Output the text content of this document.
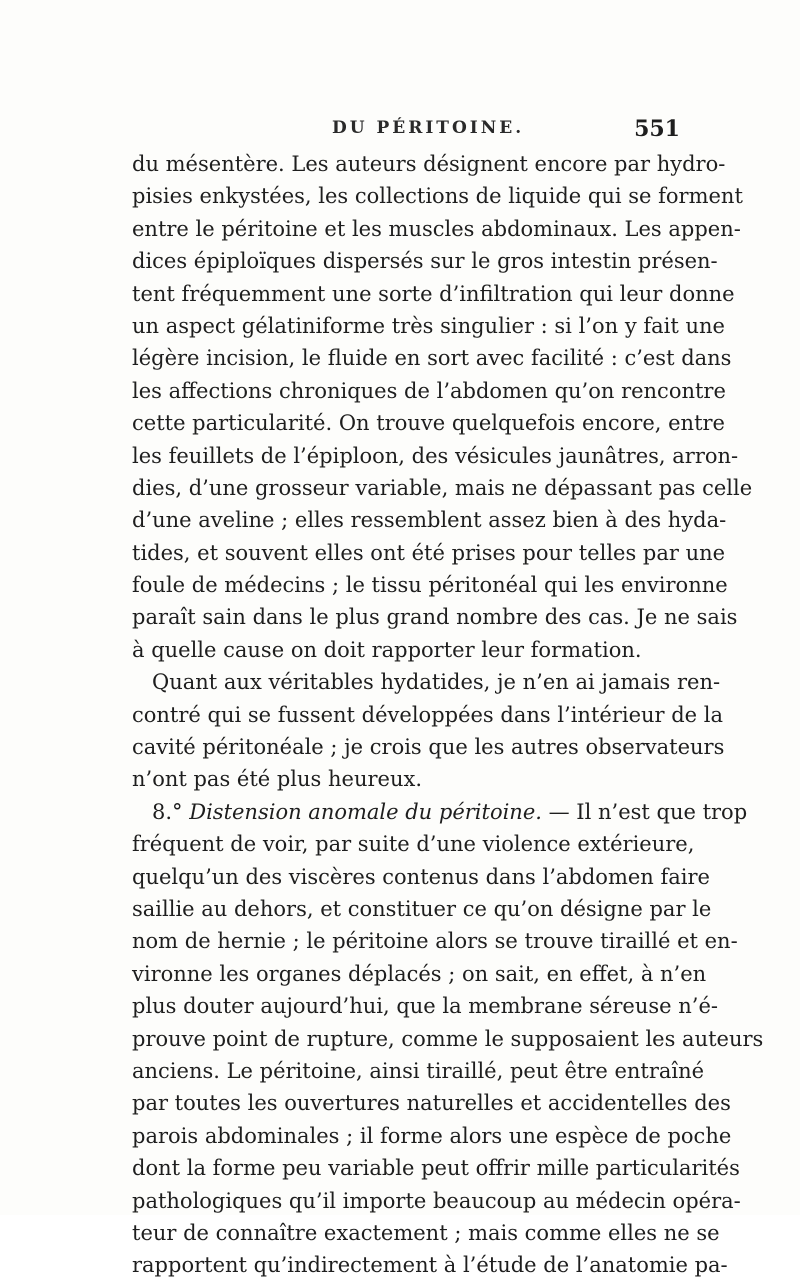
DU PÉRITOINE.	551
du mésentère. Les auteurs désignent encore par hydro-
pisies enkystées, les collections de liquide qui se forment
entre le péritoine et les muscles abdominaux. Les appen-
dices épiploïques dispersés sur le gros intestin présen-
tent fréquemment une sorte d’infiltration qui leur donne
un aspect gélatiniforme très singulier : si l’on y fait une
légère incision, le fluide en sort avec facilité : c’est dans
les affections chroniques de l’abdomen qu’on rencontre
cette particularité. On trouve quelquefois encore, entre
les feuillets de l’épiploon, des vésicules jaunâtres, arron-
dies, d’une grosseur variable, mais ne dépassant pas celle
d’une aveline ; elles ressemblent assez bien à des hyda-
tides, et souvent elles ont été prises pour telles par une
foule de médecins ; le tissu péritonéal qui les environne
paraît sain dans le plus grand nombre des cas. Je ne sais
à quelle cause on doit rapporter leur formation.
Quant aux véritables hydatides, je n’en ai jamais ren-
contré qui se fussent développées dans l’intérieur de la
cavité péritonéale ; je crois que les autres observateurs
n’ont pas été plus heureux.
8.° Distension anomale du péritoine. — Il n’est que trop
fréquent de voir, par suite d’une violence extérieure,
quelqu’un des viscères contenus dans l’abdomen faire
saillie au dehors, et constituer ce qu’on désigne par le
nom de hernie ; le péritoine alors se trouve tiraillé et en-
vironne les organes déplacés ; on sait, en effet, à n’en
plus douter aujourd’hui, que la membrane séreuse n’é-
prouve point de rupture, comme le supposaient les auteurs
anciens. Le péritoine, ainsi tiraillé, peut être entraîné
par toutes les ouvertures naturelles et accidentelles des
parois abdominales ; il forme alors une espèce de poche
dont la forme peu variable peut offrir mille particularités
pathologiques qu’il importe beaucoup au médecin opéra-
teur de connaître exactement ; mais comme elles ne se
rapportent qu’indirectement à l’étude de l’anatomie pa-
